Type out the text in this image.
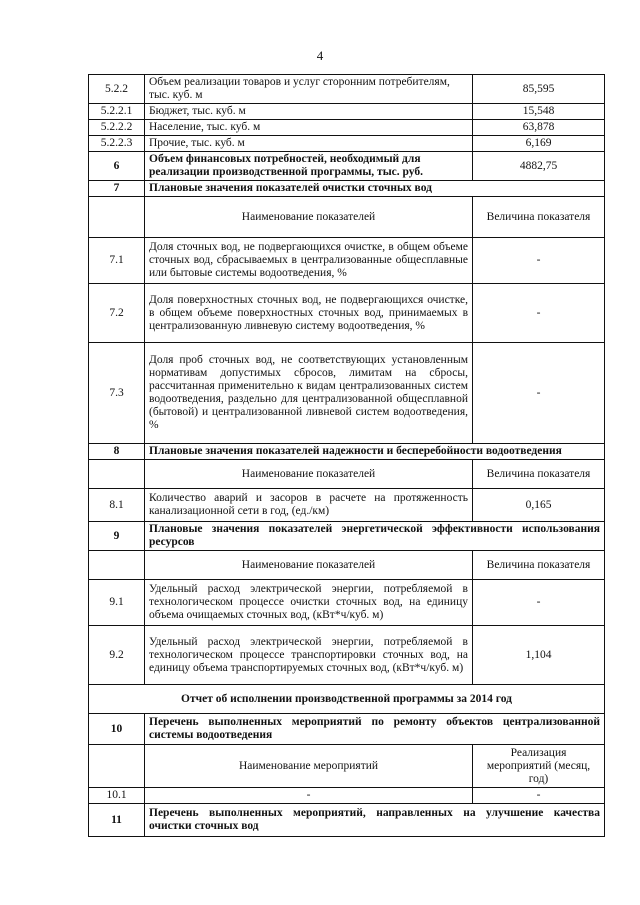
4
5.2.2	Объем реализации товаров и услуг сторонним потребителям, тыс. куб. м	85,595
5.2.2.1	Бюджет, тыс. куб. м	15,548
5.2.2.2	Население, тыс. куб. м	63,878
5.2.2.3	Прочие, тыс. куб. м	6,169
6	Объем финансовых потребностей, необходимый для реализации производственной программы, тыс. руб.	4882,75
7	Плановые значения показателей очистки сточных вод	
	Наименование показателей	Величина показателя
7.1	Доля сточных вод, не подвергающихся очистке, в общем объеме сточных вод, сбрасываемых в централизованные общесплавные или бытовые системы водоотведения, %	-
7.2	Доля поверхностных сточных вод, не подвергающихся очистке, в общем объеме поверхностных сточных вод, принимаемых в централизованную ливневую систему водоотведения, %	-
7.3	Доля проб сточных вод, не соответствующих установленным нормативам допустимых сбросов, лимитам на сбросы, рассчитанная применительно к видам централизованных систем водоотведения, раздельно для централизованной общесплавной (бытовой) и централизованной ливневой систем водоотведения, %	-
8	Плановые значения показателей надежности и бесперебойности водоотведения	
	Наименование показателей	Величина показателя
8.1	Количество аварий и засоров в расчете на протяженность канализационной сети в год, (ед./км)	0,165
9	Плановые значения показателей энергетической эффективности использования ресурсов	
	Наименование показателей	Величина показателя
9.1	Удельный расход электрической энергии, потребляемой в технологическом процессе очистки сточных вод, на единицу объема очищаемых сточных вод, (кВт*ч/куб. м)	-
9.2	Удельный расход электрической энергии, потребляемой в технологическом процессе транспортировки сточных вод, на единицу объема транспортируемых сточных вод, (кВт*ч/куб. м)	1,104
Отчет об исполнении производственной программы за 2014 год		
10	Перечень выполненных мероприятий по ремонту объектов централизованной системы водоотведения	
	Наименование мероприятий	Реализация мероприятий (месяц, год)
10.1	-	-
11	Перечень выполненных мероприятий, направленных на улучшение качества очистки сточных вод	
